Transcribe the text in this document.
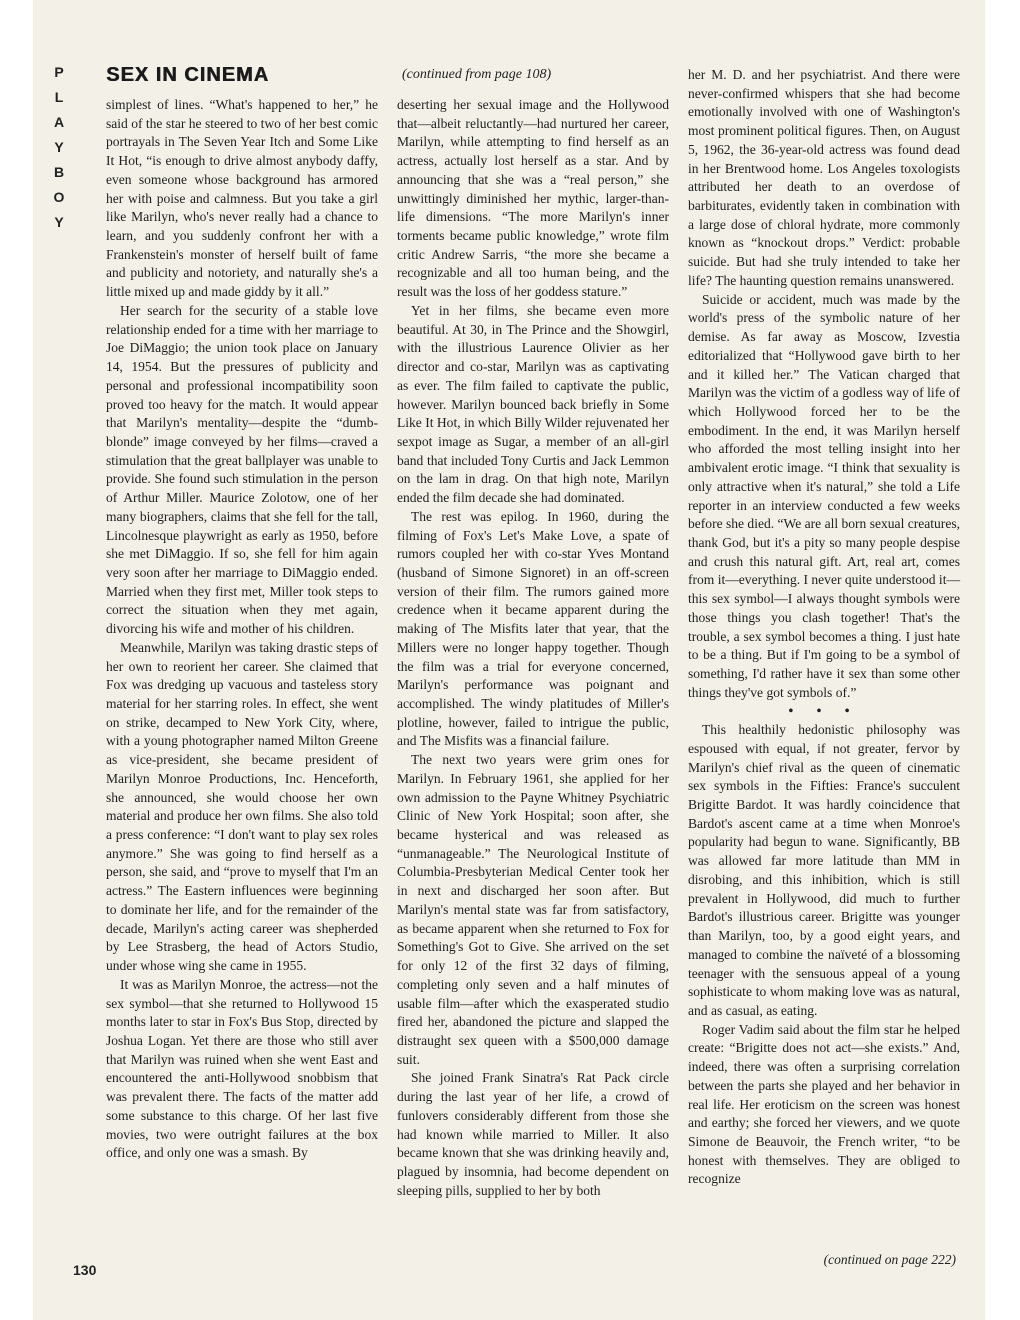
P
L
A
Y
B
O
Y
SEX IN CINEMA	(continued from page 108)

simplest of lines. “What's happened to her,” he said of the star he steered to two of her best comic portrayals in The Seven Year Itch and Some Like It Hot, “is enough to drive almost anybody daffy, even someone whose background has armored her with poise and calmness. But you take a girl like Marilyn, who's never really had a chance to learn, and you suddenly confront her with a Frankenstein's monster of herself built of fame and publicity and notoriety, and naturally she's a little mixed up and made giddy by it all.”

Her search for the security of a stable love relationship ended for a time with her marriage to Joe DiMaggio; the union took place on January 14, 1954. But the pressures of publicity and personal and professional incompatibility soon proved too heavy for the match. It would appear that Marilyn's mentality—despite the “dumb-blonde” image conveyed by her films—craved a stimulation that the great ballplayer was unable to provide. She found such stimulation in the person of Arthur Miller. Maurice Zolotow, one of her many biographers, claims that she fell for the tall, Lincolnesque playwright as early as 1950, before she met DiMaggio. If so, she fell for him again very soon after her marriage to DiMaggio ended. Married when they first met, Miller took steps to correct the situation when they met again, divorcing his wife and mother of his children.

Meanwhile, Marilyn was taking drastic steps of her own to reorient her career. She claimed that Fox was dredging up vacuous and tasteless story material for her starring roles. In effect, she went on strike, decamped to New York City, where, with a young photographer named Milton Greene as vice-president, she became president of Marilyn Monroe Productions, Inc. Henceforth, she announced, she would choose her own material and produce her own films. She also told a press conference: “I don't want to play sex roles anymore.” She was going to find herself as a person, she said, and “prove to myself that I'm an actress.” The Eastern influences were beginning to dominate her life, and for the remainder of the decade, Marilyn's acting career was shepherded by Lee Strasberg, the head of Actors Studio, under whose wing she came in 1955.

It was as Marilyn Monroe, the actress—not the sex symbol—that she returned to Hollywood 15 months later to star in Fox's Bus Stop, directed by Joshua Logan. Yet there are those who still aver that Marilyn was ruined when she went East and encountered the anti-Hollywood snobbism that was prevalent there. The facts of the matter add some substance to this charge. Of her last five movies, two were outright failures at the box office, and only one was a smash. By

deserting her sexual image and the Hollywood that—albeit reluctantly—had nurtured her career, Marilyn, while attempting to find herself as an actress, actually lost herself as a star. And by announcing that she was a “real person,” she unwittingly diminished her mythic, larger-than-life dimensions. “The more Marilyn's inner torments became public knowledge,” wrote film critic Andrew Sarris, “the more she became a recognizable and all too human being, and the result was the loss of her goddess stature.”

Yet in her films, she became even more beautiful. At 30, in The Prince and the Showgirl, with the illustrious Laurence Olivier as her director and co-star, Marilyn was as captivating as ever. The film failed to captivate the public, however. Marilyn bounced back briefly in Some Like It Hot, in which Billy Wilder rejuvenated her sexpot image as Sugar, a member of an all-girl band that included Tony Curtis and Jack Lemmon on the lam in drag. On that high note, Marilyn ended the film decade she had dominated.

The rest was epilog. In 1960, during the filming of Fox's Let's Make Love, a spate of rumors coupled her with co-star Yves Montand (husband of Simone Signoret) in an off-screen version of their film. The rumors gained more credence when it became apparent during the making of The Misfits later that year, that the Millers were no longer happy together. Though the film was a trial for everyone concerned, Marilyn's performance was poignant and accomplished. The windy platitudes of Miller's plotline, however, failed to intrigue the public, and The Misfits was a financial failure.

The next two years were grim ones for Marilyn. In February 1961, she applied for her own admission to the Payne Whitney Psychiatric Clinic of New York Hospital; soon after, she became hysterical and was released as “unmanageable.” The Neurological Institute of Columbia-Presbyterian Medical Center took her in next and discharged her soon after. But Marilyn's mental state was far from satisfactory, as became apparent when she returned to Fox for Something's Got to Give. She arrived on the set for only 12 of the first 32 days of filming, completing only seven and a half minutes of usable film—after which the exasperated studio fired her, abandoned the picture and slapped the distraught sex queen with a $500,000 damage suit.

She joined Frank Sinatra's Rat Pack circle during the last year of her life, a crowd of funlovers considerably different from those she had known while married to Miller. It also became known that she was drinking heavily and, plagued by insomnia, had become dependent on sleeping pills, supplied to her by both

her M. D. and her psychiatrist. And there were never-confirmed whispers that she had become emotionally involved with one of Washington's most prominent political figures. Then, on August 5, 1962, the 36-year-old actress was found dead in her Brentwood home. Los Angeles toxologists attributed her death to an overdose of barbiturates, evidently taken in combination with a large dose of chloral hydrate, more commonly known as “knockout drops.” Verdict: probable suicide. But had she truly intended to take her life? The haunting question remains unanswered.

Suicide or accident, much was made by the world's press of the symbolic nature of her demise. As far away as Moscow, Izvestia editorialized that “Hollywood gave birth to her and it killed her.” The Vatican charged that Marilyn was the victim of a godless way of life of which Hollywood forced her to be the embodiment. In the end, it was Marilyn herself who afforded the most telling insight into her ambivalent erotic image. “I think that sexuality is only attractive when it's natural,” she told a Life reporter in an interview conducted a few weeks before she died. “We are all born sexual creatures, thank God, but it's a pity so many people despise and crush this natural gift. Art, real art, comes from it—everything. I never quite understood it—this sex symbol—I always thought symbols were those things you clash together! That's the trouble, a sex symbol becomes a thing. I just hate to be a thing. But if I'm going to be a symbol of something, I'd rather have it sex than some other things they've got symbols of.”

• • •

This healthily hedonistic philosophy was espoused with equal, if not greater, fervor by Marilyn's chief rival as the queen of cinematic sex symbols in the Fifties: France's succulent Brigitte Bardot. It was hardly coincidence that Bardot's ascent came at a time when Monroe's popularity had begun to wane. Significantly, BB was allowed far more latitude than MM in disrobing, and this inhibition, which is still prevalent in Hollywood, did much to further Bardot's illustrious career. Brigitte was younger than Marilyn, too, by a good eight years, and managed to combine the naïveté of a blossoming teenager with the sensuous appeal of a young sophisticate to whom making love was as natural, and as casual, as eating.

Roger Vadim said about the film star he helped create: “Brigitte does not act—she exists.” And, indeed, there was often a surprising correlation between the parts she played and her behavior in real life. Her eroticism on the screen was honest and earthy; she forced her viewers, and we quote Simone de Beauvoir, the French writer, “to be honest with themselves. They are obliged to recognize

130
(continued on page 222)
